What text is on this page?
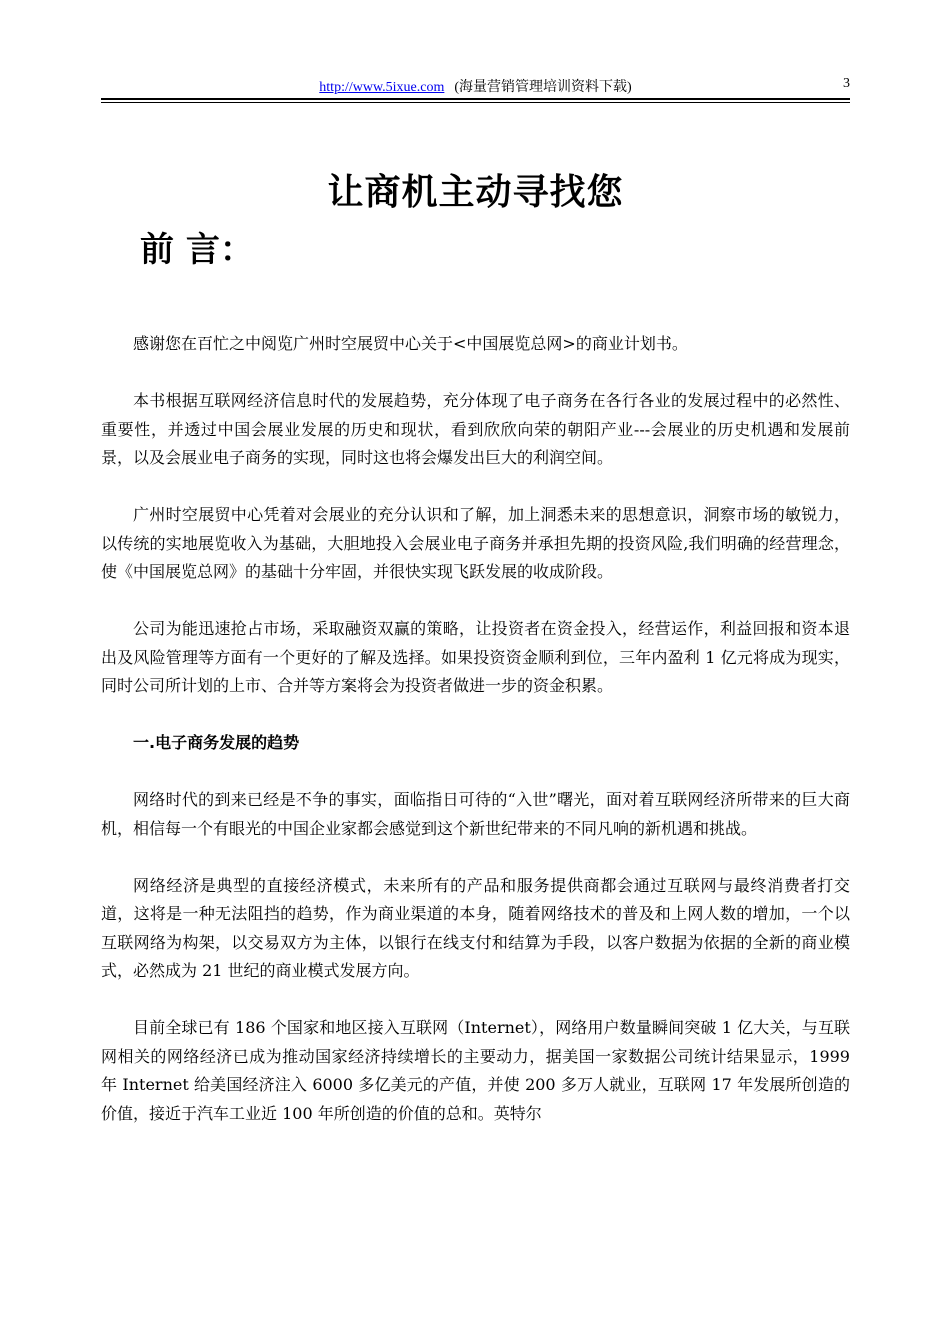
http://www.5ixue.com (海量营销管理培训资料下载)	3
让商机主动寻找您
前 言：

感谢您在百忙之中阅览广州时空展贸中心关于<中国展览总网>的商业计划书。

本书根据互联网经济信息时代的发展趋势，充分体现了电子商务在各行各业的发展过程中的必然性、重要性，并透过中国会展业发展的历史和现状，看到欣欣向荣的朝阳产业---会展业的历史机遇和发展前景，以及会展业电子商务的实现，同时这也将会爆发出巨大的利润空间。

广州时空展贸中心凭着对会展业的充分认识和了解，加上洞悉未来的思想意识，洞察市场的敏锐力，以传统的实地展览收入为基础，大胆地投入会展业电子商务并承担先期的投资风险,我们明确的经营理念，使《中国展览总网》的基础十分牢固，并很快实现飞跃发展的收成阶段。

公司为能迅速抢占市场，采取融资双赢的策略，让投资者在资金投入，经营运作，利益回报和资本退出及风险管理等方面有一个更好的了解及选择。如果投资资金顺利到位，三年内盈利 1 亿元将成为现实，同时公司所计划的上市、合并等方案将会为投资者做进一步的资金积累。

一.电子商务发展的趋势

网络时代的到来已经是不争的事实，面临指日可待的“入世”曙光，面对着互联网经济所带来的巨大商机，相信每一个有眼光的中国企业家都会感觉到这个新世纪带来的不同凡响的新机遇和挑战。

网络经济是典型的直接经济模式，未来所有的产品和服务提供商都会通过互联网与最终消费者打交道，这将是一种无法阻挡的趋势，作为商业渠道的本身，随着网络技术的普及和上网人数的增加，一个以互联网络为构架，以交易双方为主体，以银行在线支付和结算为手段，以客户数据为依据的全新的商业模式，必然成为 21 世纪的商业模式发展方向。

目前全球已有 186 个国家和地区接入互联网（Internet），网络用户数量瞬间突破 1 亿大关，与互联网相关的网络经济已成为推动国家经济持续增长的主要动力，据美国一家数据公司统计结果显示，1999 年 Internet 给美国经济注入 6000 多亿美元的产值，并使 200 多万人就业，互联网 17 年发展所创造的价值，接近于汽车工业近 100 年所创造的价值的总和。英特尔
